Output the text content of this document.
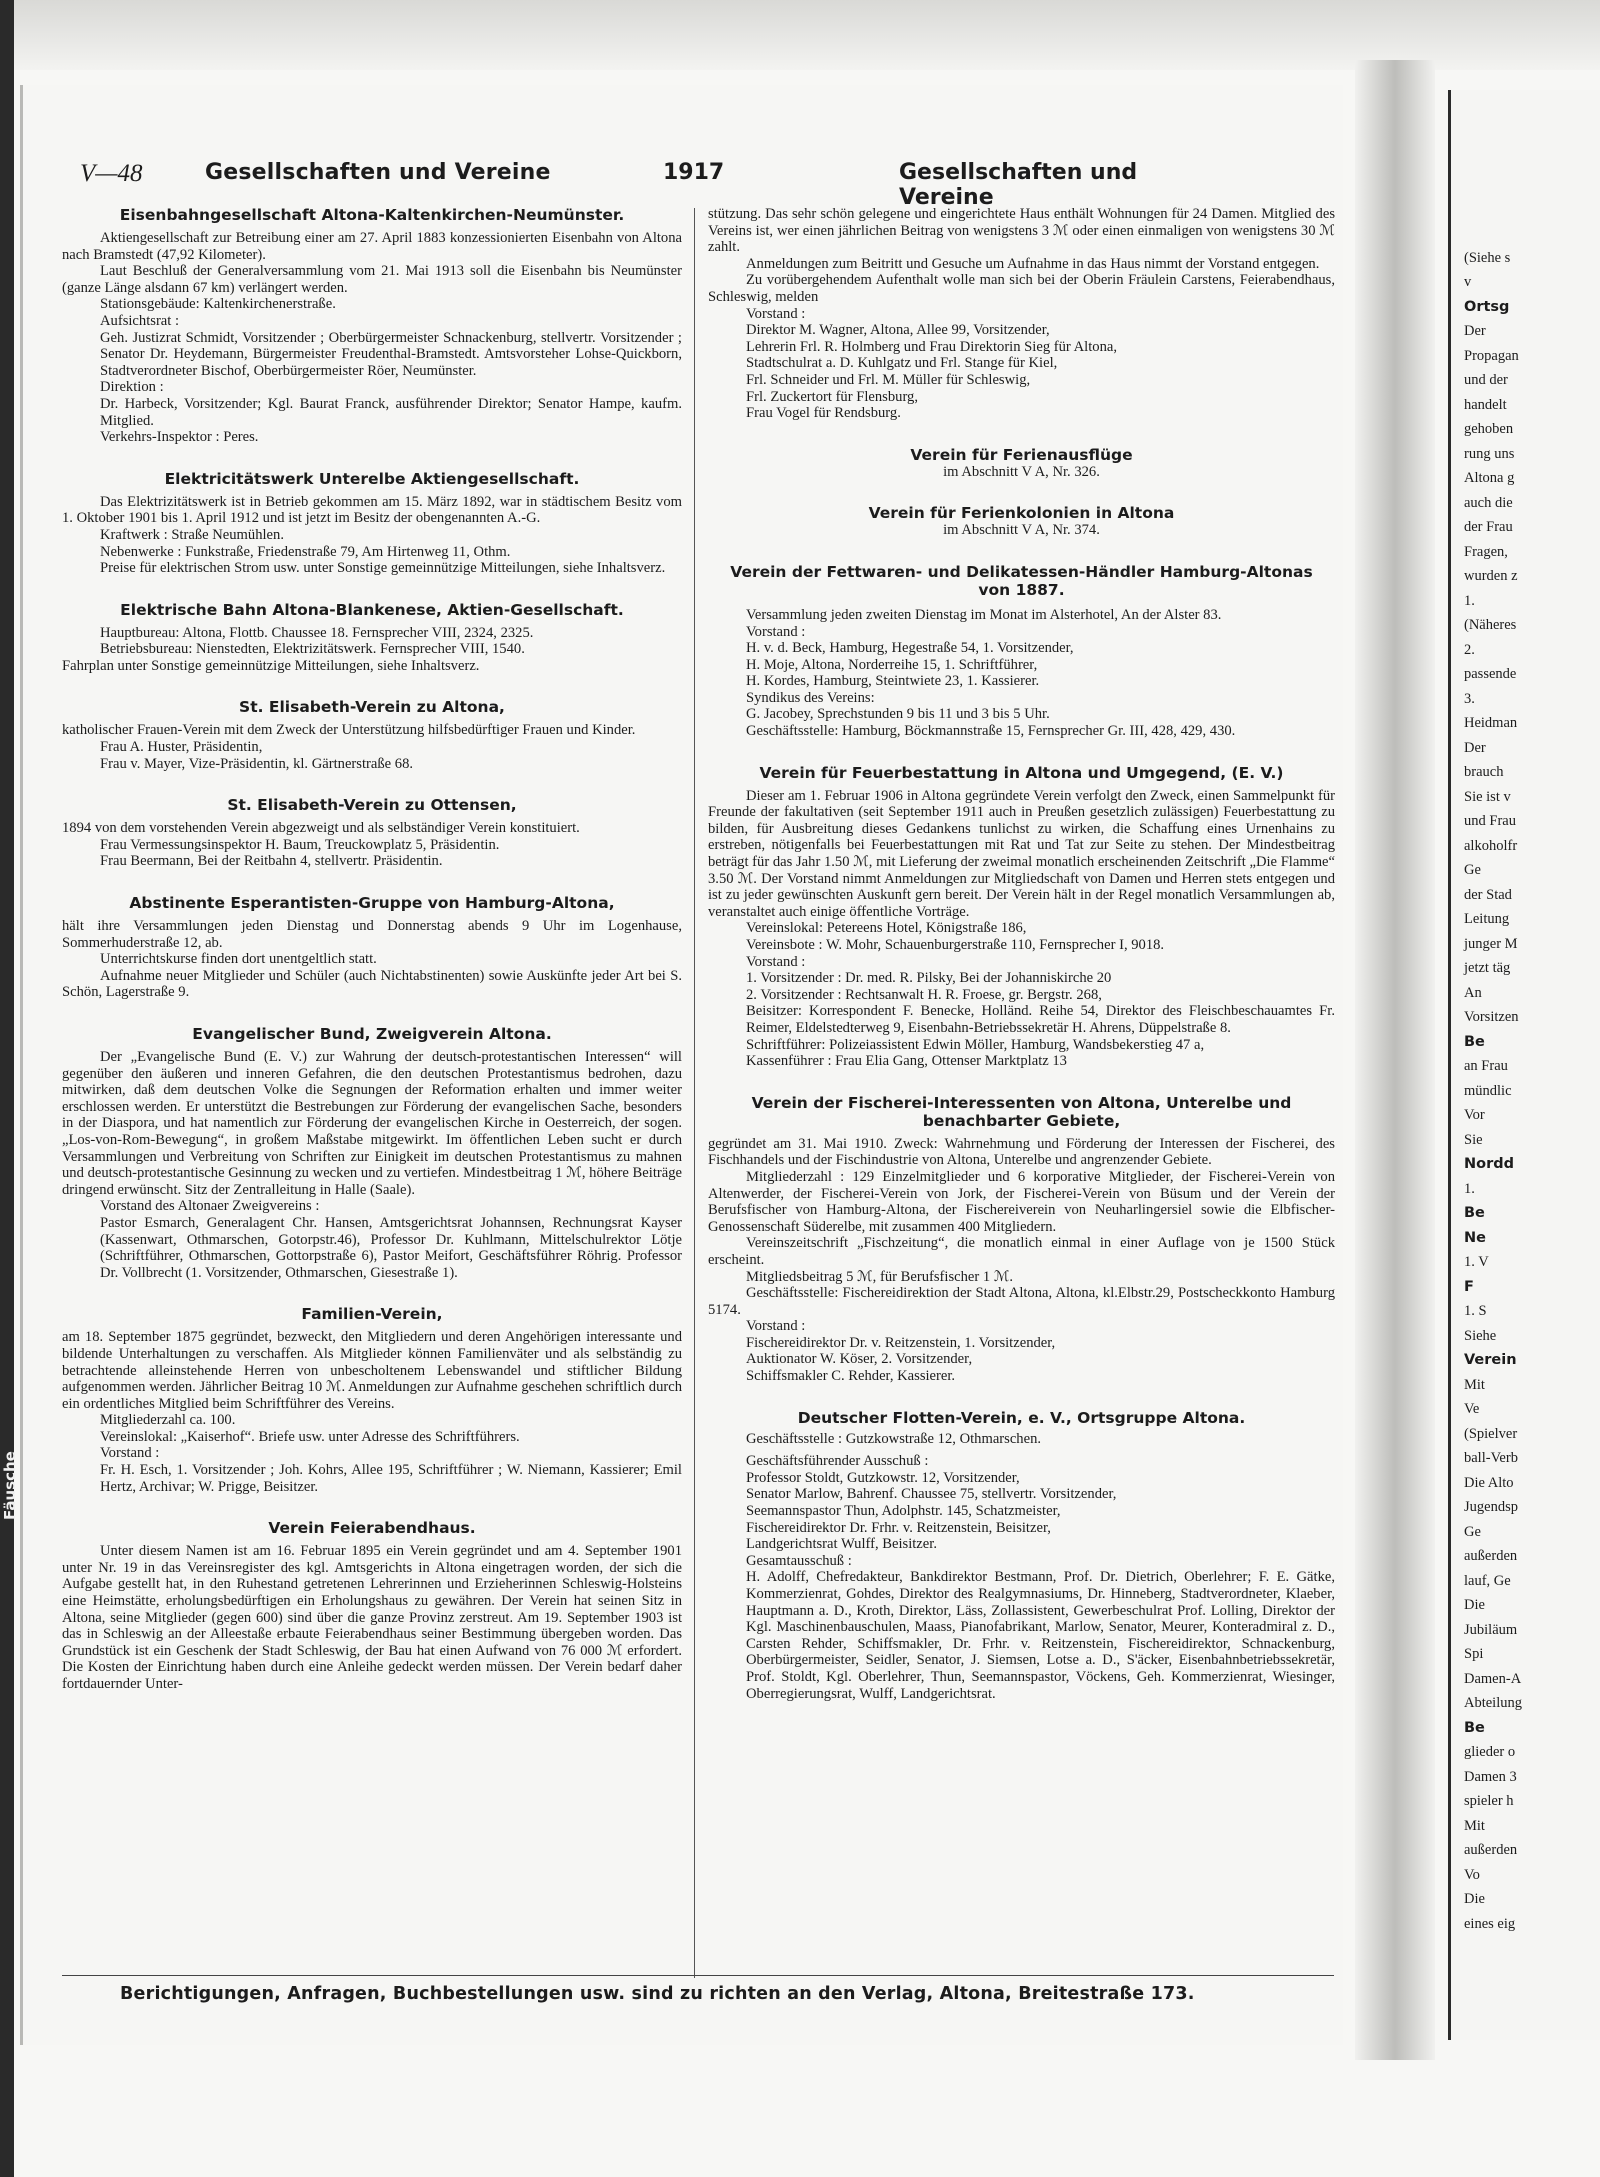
Fäusche
V—48	Gesellschaften und Vereine	1917	Gesellschaften und Vereine

Eisenbahngesellschaft Altona-Kaltenkirchen-Neumünster.

Aktiengesellschaft zur Betreibung einer am 27. April 1883 konzessionierten Eisenbahn von Altona nach Bramstedt (47,92 Kilometer).

Laut Beschluß der Generalversammlung vom 21. Mai 1913 soll die Eisenbahn bis Neumünster (ganze Länge alsdann 67 km) verlängert werden.

Stationsgebäude: Kaltenkirchenerstraße.

Aufsichtsrat :

Geh. Justizrat Schmidt, Vorsitzender ; Oberbürgermeister Schnackenburg, stellvertr. Vorsitzender ; Senator Dr. Heydemann, Bürgermeister Freudenthal-Bramstedt. Amtsvorsteher Lohse-Quickborn, Stadtverordneter Bischof, Oberbürgermeister Röer, Neumünster.

Direktion :

Dr. Harbeck, Vorsitzender; Kgl. Baurat Franck, ausführender Direktor; Senator Hampe, kaufm. Mitglied.

Verkehrs-Inspektor : Peres.

Elektricitätswerk Unterelbe Aktiengesellschaft.

Das Elektrizitätswerk ist in Betrieb gekommen am 15. März 1892, war in städtischem Besitz vom 1. Oktober 1901 bis 1. April 1912 und ist jetzt im Besitz der obengenannten A.-G.

Kraftwerk : Straße Neumühlen.

Nebenwerke : Funkstraße, Friedenstraße 79, Am Hirtenweg 11, Othm.

Preise für elektrischen Strom usw. unter Sonstige gemeinnützige Mitteilungen, siehe Inhaltsverz.

Elektrische Bahn Altona-Blankenese, Aktien-Gesellschaft.

Hauptbureau: Altona, Flottb. Chaussee 18. Fernsprecher VIII, 2324, 2325.

Betriebsbureau: Nienstedten, Elektrizitätswerk. Fernsprecher VIII, 1540.

Fahrplan unter Sonstige gemeinnützige Mitteilungen, siehe Inhaltsverz.

St. Elisabeth-Verein zu Altona,

katholischer Frauen-Verein mit dem Zweck der Unterstützung hilfsbedürftiger Frauen und Kinder.

Frau A. Huster, Präsidentin,

Frau v. Mayer, Vize-Präsidentin, kl. Gärtnerstraße 68.

St. Elisabeth-Verein zu Ottensen,

1894 von dem vorstehenden Verein abgezweigt und als selbständiger Verein konstituiert.

Frau Vermessungsinspektor H. Baum, Treuckowplatz 5, Präsidentin.

Frau Beermann, Bei der Reitbahn 4, stellvertr. Präsidentin.

Abstinente Esperantisten-Gruppe von Hamburg-Altona,

hält ihre Versammlungen jeden Dienstag und Donnerstag abends 9 Uhr im Logenhause, Sommerhuderstraße 12, ab.

Unterrichtskurse finden dort unentgeltlich statt.

Aufnahme neuer Mitglieder und Schüler (auch Nichtabstinenten) sowie Auskünfte jeder Art bei S. Schön, Lagerstraße 9.

Evangelischer Bund, Zweigverein Altona.

Der „Evangelische Bund (E. V.) zur Wahrung der deutsch-protestantischen Interessen“ will gegenüber den äußeren und inneren Gefahren, die den deutschen Protestantismus bedrohen, dazu mitwirken, daß dem deutschen Volke die Segnungen der Reformation erhalten und immer weiter erschlossen werden. Er unterstützt die Bestrebungen zur Förderung der evangelischen Sache, besonders in der Diaspora, und hat namentlich zur Förderung der evangelischen Kirche in Oesterreich, der sogen. „Los-von-Rom-Bewegung“, in großem Maßstabe mitgewirkt. Im öffentlichen Leben sucht er durch Versammlungen und Verbreitung von Schriften zur Einigkeit im deutschen Protestantismus zu mahnen und deutsch-protestantische Gesinnung zu wecken und zu vertiefen. Mindestbeitrag 1 ℳ, höhere Beiträge dringend erwünscht. Sitz der Zentralleitung in Halle (Saale).

Vorstand des Altonaer Zweigvereins :

Pastor Esmarch, Generalagent Chr. Hansen, Amtsgerichtsrat Johannsen, Rechnungsrat Kayser (Kassenwart, Othmarschen, Gotorpstr.46), Professor Dr. Kuhlmann, Mittelschulrektor Lötje (Schriftführer, Othmarschen, Gottorpstraße 6), Pastor Meifort, Geschäftsführer Röhrig. Professor Dr. Vollbrecht (1. Vorsitzender, Othmarschen, Giesestraße 1).

Familien-Verein,

am 18. September 1875 gegründet, bezweckt, den Mitgliedern und deren Angehörigen interessante und bildende Unterhaltungen zu verschaffen. Als Mitglieder können Familienväter und als selbständig zu betrachtende alleinstehende Herren von unbescholtenem Lebenswandel und stiftlicher Bildung aufgenommen werden. Jährlicher Beitrag 10 ℳ. Anmeldungen zur Aufnahme geschehen schriftlich durch ein ordentliches Mitglied beim Schriftführer des Vereins.

Mitgliederzahl ca. 100.

Vereinslokal: „Kaiserhof“. Briefe usw. unter Adresse des Schriftführers.

Vorstand :

Fr. H. Esch, 1. Vorsitzender ; Joh. Kohrs, Allee 195, Schriftführer ; W. Niemann, Kassierer; Emil Hertz, Archivar; W. Prigge, Beisitzer.

Verein Feierabendhaus.

Unter diesem Namen ist am 16. Februar 1895 ein Verein gegründet und am 4. September 1901 unter Nr. 19 in das Vereinsregister des kgl. Amtsgerichts in Altona eingetragen worden, der sich die Aufgabe gestellt hat, in den Ruhestand getretenen Lehrerinnen und Erzieherinnen Schleswig-Holsteins eine Heimstätte, erholungsbedürftigen ein Erholungshaus zu gewähren. Der Verein hat seinen Sitz in Altona, seine Mitglieder (gegen 600) sind über die ganze Provinz zerstreut. Am 19. September 1903 ist das in Schleswig an der Alleestaße erbaute Feierabendhaus seiner Bestimmung übergeben worden. Das Grundstück ist ein Geschenk der Stadt Schleswig, der Bau hat einen Aufwand von 76 000 ℳ erfordert. Die Kosten der Einrichtung haben durch eine Anleihe gedeckt werden müssen. Der Verein bedarf daher fortdauernder Unter-

stützung. Das sehr schön gelegene und eingerichtete Haus enthält Wohnungen für 24 Damen. Mitglied des Vereins ist, wer einen jährlichen Beitrag von wenigstens 3 ℳ oder einen einmaligen von wenigstens 30 ℳ zahlt.

Anmeldungen zum Beitritt und Gesuche um Aufnahme in das Haus nimmt der Vorstand entgegen.

Zu vorübergehendem Aufenthalt wolle man sich bei der Oberin Fräulein Carstens, Feierabendhaus, Schleswig, melden

Vorstand :

Direktor M. Wagner, Altona, Allee 99, Vorsitzender,

Lehrerin Frl. R. Holmberg und Frau Direktorin Sieg für Altona,

Stadtschulrat a. D. Kuhlgatz und Frl. Stange für Kiel,

Frl. Schneider und Frl. M. Müller für Schleswig,

Frl. Zuckertort für Flensburg,

Frau Vogel für Rendsburg.

Verein für Ferienausflüge

im Abschnitt V A, Nr. 326.

Verein für Ferienkolonien in Altona

im Abschnitt V A, Nr. 374.

Verein der Fettwaren- und Delikatessen-Händler Hamburg-Altonas von 1887.

Versammlung jeden zweiten Dienstag im Monat im Alsterhotel, An der Alster 83.

Vorstand :

H. v. d. Beck, Hamburg, Hegestraße 54, 1. Vorsitzender,

H. Moje, Altona, Norderreihe 15, 1. Schriftführer,

H. Kordes, Hamburg, Steintwiete 23, 1. Kassierer.

Syndikus des Vereins:

G. Jacobey, Sprechstunden 9 bis 11 und 3 bis 5 Uhr.

Geschäftsstelle: Hamburg, Böckmannstraße 15, Fernsprecher Gr. III, 428, 429, 430.

Verein für Feuerbestattung in Altona und Umgegend, (E. V.)

Dieser am 1. Februar 1906 in Altona gegründete Verein verfolgt den Zweck, einen Sammelpunkt für Freunde der fakultativen (seit September 1911 auch in Preußen gesetzlich zulässigen) Feuerbestattung zu bilden, für Ausbreitung dieses Gedankens tunlichst zu wirken, die Schaffung eines Urnenhains zu erstreben, nötigenfalls bei Feuerbestattungen mit Rat und Tat zur Seite zu stehen. Der Mindestbeitrag beträgt für das Jahr 1.50 ℳ, mit Lieferung der zweimal monatlich erscheinenden Zeitschrift „Die Flamme“ 3.50 ℳ. Der Vorstand nimmt Anmeldungen zur Mitgliedschaft von Damen und Herren stets entgegen und ist zu jeder gewünschten Auskunft gern bereit. Der Verein hält in der Regel monatlich Versammlungen ab, veranstaltet auch einige öffentliche Vorträge.

Vereinslokal: Petereens Hotel, Königstraße 186,

Vereinsbote : W. Mohr, Schauenburgerstraße 110, Fernsprecher I, 9018.

Vorstand :

1. Vorsitzender : Dr. med. R. Pilsky, Bei der Johanniskirche 20

2. Vorsitzender : Rechtsanwalt H. R. Froese, gr. Bergstr. 268,

Beisitzer: Korrespondent F. Benecke, Holländ. Reihe 54, Direktor des Fleischbeschauamtes Fr. Reimer, Eldelstedterweg 9, Eisenbahn-Betriebssekretär H. Ahrens, Düppelstraße 8.

Schriftführer: Polizeiassistent Edwin Möller, Hamburg, Wandsbekerstieg 47 a,

Kassenführer : Frau Elia Gang, Ottenser Marktplatz 13

Verein der Fischerei-Interessenten von Altona, Unterelbe und benachbarter Gebiete,

gegründet am 31. Mai 1910. Zweck: Wahrnehmung und Förderung der Interessen der Fischerei, des Fischhandels und der Fischindustrie von Altona, Unterelbe und angrenzender Gebiete.

Mitgliederzahl : 129 Einzelmitglieder und 6 korporative Mitglieder, der Fischerei-Verein von Altenwerder, der Fischerei-Verein von Jork, der Fischerei-Verein von Büsum und der Verein der Berufsfischer von Hamburg-Altona, der Fischereiverein von Neuharlingersiel sowie die Elbfischer-Genossenschaft Süderelbe, mit zusammen 400 Mitgliedern.

Vereinszeitschrift „Fischzeitung“, die monatlich einmal in einer Auflage von je 1500 Stück erscheint.

Mitgliedsbeitrag 5 ℳ, für Berufsfischer 1 ℳ.

Geschäftsstelle: Fischereidirektion der Stadt Altona, Altona, kl.Elbstr.29, Postscheckkonto Hamburg 5174.

Vorstand :

Fischereidirektor Dr. v. Reitzenstein, 1. Vorsitzender,

Auktionator W. Köser, 2. Vorsitzender,

Schiffsmakler C. Rehder, Kassierer.

Deutscher Flotten-Verein, e. V., Ortsgruppe Altona.

Geschäftsstelle : Gutzkowstraße 12, Othmarschen.

Geschäftsführender Ausschuß :

Professor Stoldt, Gutzkowstr. 12, Vorsitzender,

Senator Marlow, Bahrenf. Chaussee 75, stellvertr. Vorsitzender,

Seemannspastor Thun, Adolphstr. 145, Schatzmeister,

Fischereidirektor Dr. Frhr. v. Reitzenstein, Beisitzer,

Landgerichtsrat Wulff, Beisitzer.

Gesamtausschuß :

H. Adolff, Chefredakteur, Bankdirektor Bestmann, Prof. Dr. Dietrich, Oberlehrer; F. E. Gätke, Kommerzienrat, Gohdes, Direktor des Realgymnasiums, Dr. Hinneberg, Stadtverordneter, Klaeber, Hauptmann a. D., Kroth, Direktor, Läss, Zollassistent, Gewerbeschulrat Prof. Lolling, Direktor der Kgl. Maschinenbauschulen, Maass, Pianofabrikant, Marlow, Senator, Meurer, Konteradmiral z. D., Carsten Rehder, Schiffsmakler, Dr. Frhr. v. Reitzenstein, Fischereidirektor, Schnackenburg, Oberbürgermeister, Seidler, Senator, J. Siemsen, Lotse a. D., S'äcker, Eisenbahnbetriebssekretär, Prof. Stoldt, Kgl. Oberlehrer, Thun, Seemannspastor, Vöckens, Geh. Kommerzienrat, Wiesinger, Oberregierungsrat, Wulff, Landgerichtsrat.

Berichtigungen, Anfragen, Buchbestellungen usw. sind zu richten an den Verlag, Altona, Breitestraße 173.
(Siehe s
v
Ortsg
Der
Propagan
und der
handelt
gehoben
rung uns
Altona g
auch die
der Frau
Fragen,
wurden z
1.
(Näheres
2.
passende
3.
Heidman
Der
brauch
Sie ist v
und Frau
alkoholfr
Ge
der Stad
Leitung
junger M
jetzt täg
An
Vorsitzen
Be
an Frau
mündlic
Vor
Sie
Nordd
1.
Be
Ne
1. V
F
1. S
Siehe
Verein
Mit
Ve
(Spielver
ball-Verb
Die Alto
Jugendsp
Ge
außerden
lauf, Ge
Die
Jubiläum
Spi
Damen-A
Abteilung
Be
glieder o
Damen 3
spieler h
Mit
außerden
Vo
Die
eines eig
